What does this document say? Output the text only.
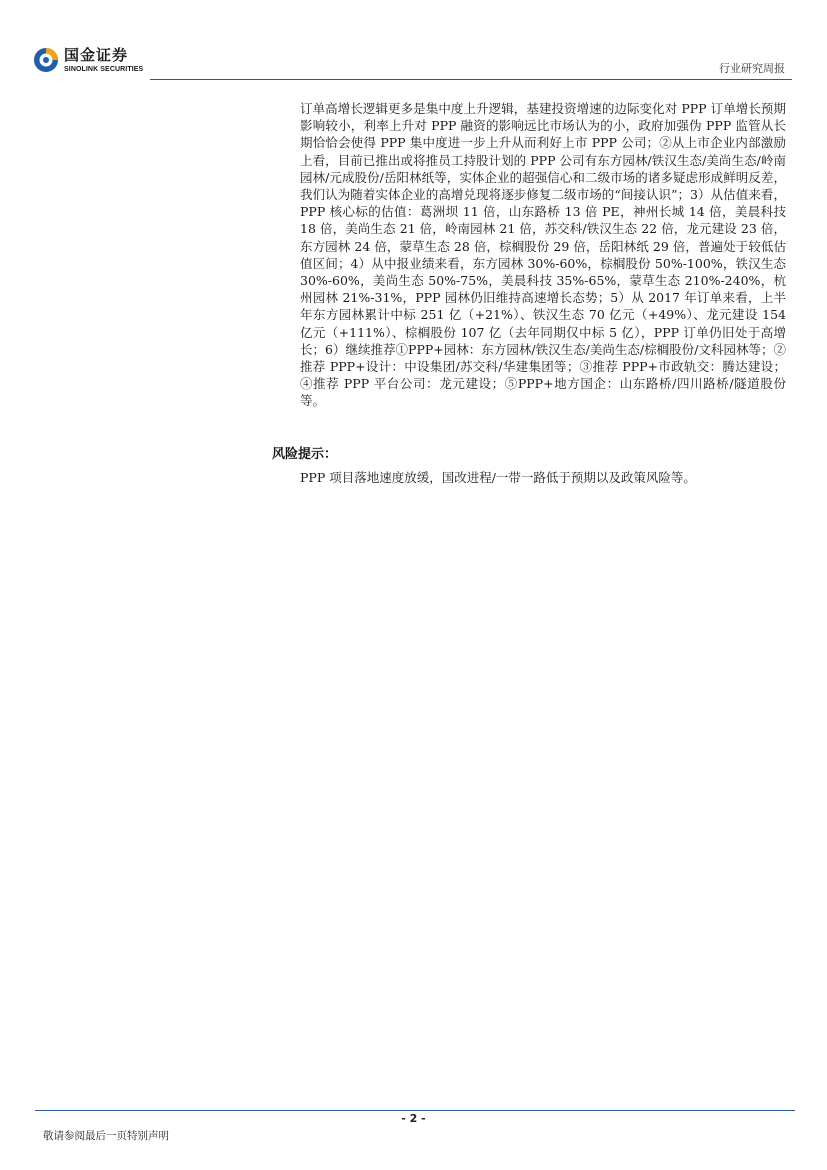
国金证券
SINOLINK SECURITIES	行业研究周报
订单高增长逻辑更多是集中度上升逻辑，基建投资增速的边际变化对 PPP 订单增长预期影响较小，利率上升对 PPP 融资的影响远比市场认为的小，政府加强伪 PPP 监管从长期恰恰会使得 PPP 集中度进一步上升从而利好上市 PPP 公司；②从上市企业内部激励上看，目前已推出或将推员工持股计划的 PPP 公司有东方园林/铁汉生态/美尚生态/岭南园林/元成股份/岳阳林纸等，实体企业的超强信心和二级市场的诸多疑虑形成鲜明反差，我们认为随着实体企业的高增兑现将逐步修复二级市场的“间接认识”；3）从估值来看，PPP 核心标的估值：葛洲坝 11 倍，山东路桥 13 倍 PE，神州长城 14 倍，美晨科技 18 倍，美尚生态 21 倍，岭南园林 21 倍，苏交科/铁汉生态 22 倍，龙元建设 23 倍，东方园林 24 倍，蒙草生态 28 倍，棕榈股份 29 倍，岳阳林纸 29 倍，普遍处于较低估值区间；4）从中报业绩来看，东方园林 30%-60%，棕榈股份 50%-100%，铁汉生态 30%-60%，美尚生态 50%-75%，美晨科技 35%-65%，蒙草生态 210%-240%，杭州园林 21%-31%，PPP 园林仍旧维持高速增长态势；5）从 2017 年订单来看，上半年东方园林累计中标 251 亿（+21%）、铁汉生态 70 亿元（+49%）、龙元建设 154 亿元（+111%）、棕榈股份 107 亿（去年同期仅中标 5 亿），PPP 订单仍旧处于高增长；6）继续推荐①PPP+园林：东方园林/铁汉生态/美尚生态/棕榈股份/文科园林等；②推荐 PPP+设计：中设集团/苏交科/华建集团等；③推荐 PPP+市政轨交：腾达建设；④推荐 PPP 平台公司：龙元建设；⑤PPP+地方国企：山东路桥/四川路桥/隧道股份等。
风险提示：
PPP 项目落地速度放缓，国改进程/一带一路低于预期以及政策风险等。
- 2 -
敬请参阅最后一页特别声明
